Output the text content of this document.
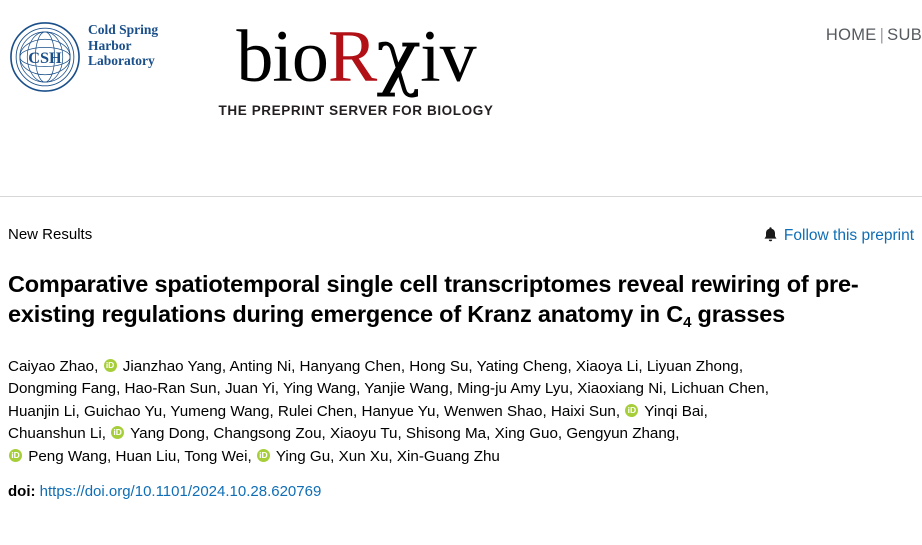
CSH
Cold Spring
Harbor
Laboratory	bioRχiv
THE PREPRINT SERVER FOR BIOLOGY
HOME | SUB
New Results	Follow this preprint
Comparative spatiotemporal single cell transcriptomes reveal rewiring of pre-existing regulations during emergence of Kranz anatomy in $C_4$ grasses
Caiyao Zhao, iD Jianzhao Yang, Anting Ni, Hanyang Chen, Hong Su, Yating Cheng, Xiaoya Li, Liyuan Zhong,
Dongming Fang, Hao-Ran Sun, Juan Yi, Ying Wang, Yanjie Wang, Ming-ju Amy Lyu, Xiaoxiang Ni, Lichuan Chen,
Huanjin Li, Guichao Yu, Yumeng Wang, Rulei Chen, Hanyue Yu, Wenwen Shao, Haixi Sun, iD Yinqi Bai,
Chuanshun Li, iD Yang Dong, Changsong Zou, Xiaoyu Tu, Shisong Ma, Xing Guo, Gengyun Zhang,
iD Peng Wang, Huan Liu, Tong Wei, iD Ying Gu, Xun Xu, Xin-Guang Zhu
doi: https://doi.org/10.1101/2024.10.28.620769
